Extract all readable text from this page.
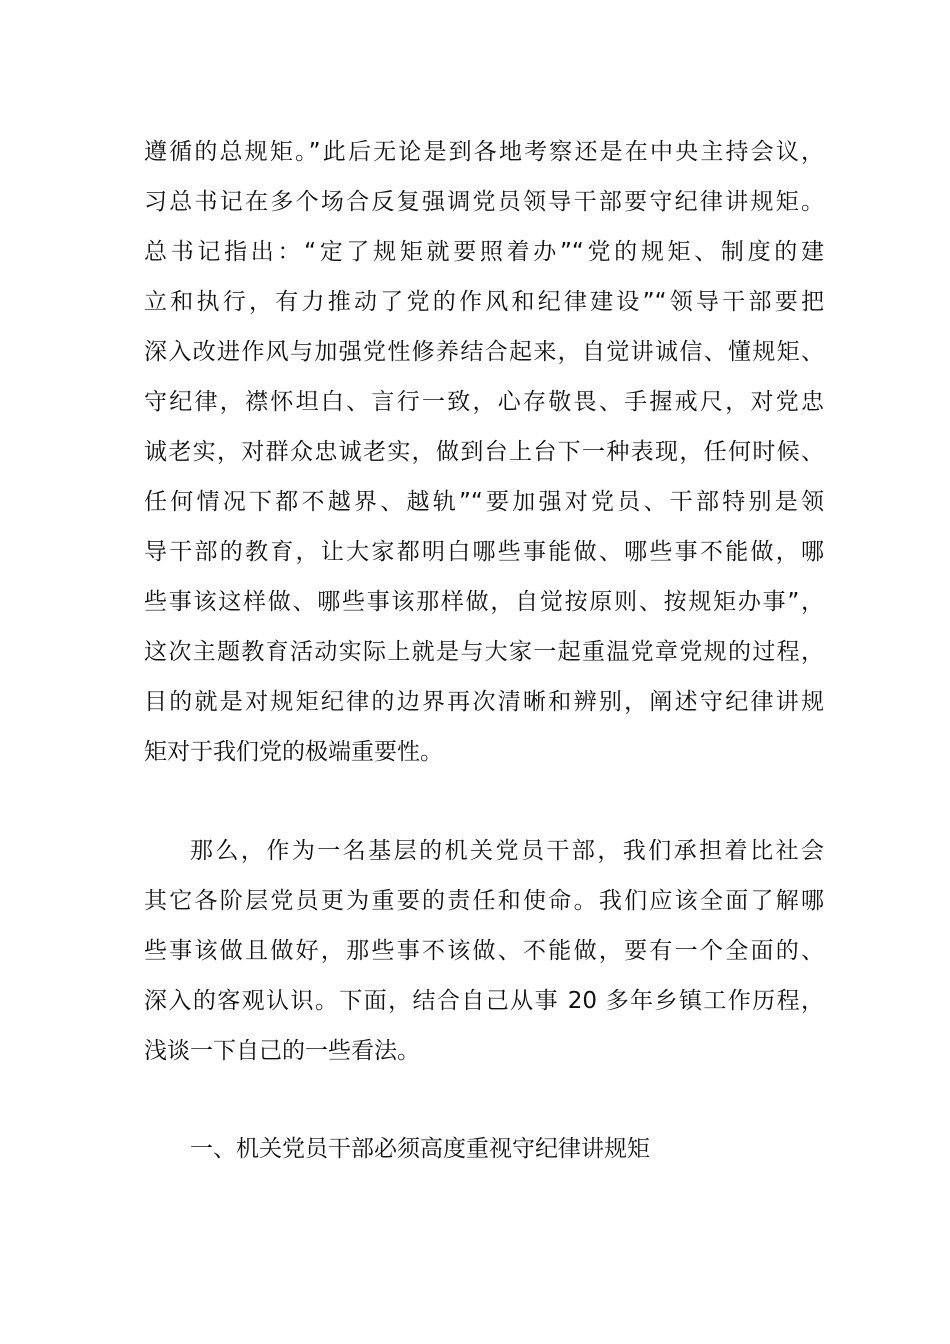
遵循的总规矩。”此后无论是到各地考察还是在中央主持会议，
习总书记在多个场合反复强调党员领导干部要守纪律讲规矩。
总书记指出：“定了规矩就要照着办”“党的规矩、制度的建
立和执行，有力推动了党的作风和纪律建设”“领导干部要把
深入改进作风与加强党性修养结合起来，自觉讲诚信、懂规矩、
守纪律，襟怀坦白、言行一致，心存敬畏、手握戒尺，对党忠
诚老实，对群众忠诚老实，做到台上台下一种表现，任何时候、
任何情况下都不越界、越轨”“要加强对党员、干部特别是领
导干部的教育，让大家都明白哪些事能做、哪些事不能做，哪
些事该这样做、哪些事该那样做，自觉按原则、按规矩办事”，
这次主题教育活动实际上就是与大家一起重温党章党规的过程，
目的就是对规矩纪律的边界再次清晰和辨别，阐述守纪律讲规
矩对于我们党的极端重要性。
那么，作为一名基层的机关党员干部，我们承担着比社会
其它各阶层党员更为重要的责任和使命。我们应该全面了解哪
些事该做且做好，那些事不该做、不能做，要有一个全面的、
深入的客观认识。下面，结合自己从事 20 多年乡镇工作历程，
浅谈一下自己的一些看法。
一、机关党员干部必须高度重视守纪律讲规矩
